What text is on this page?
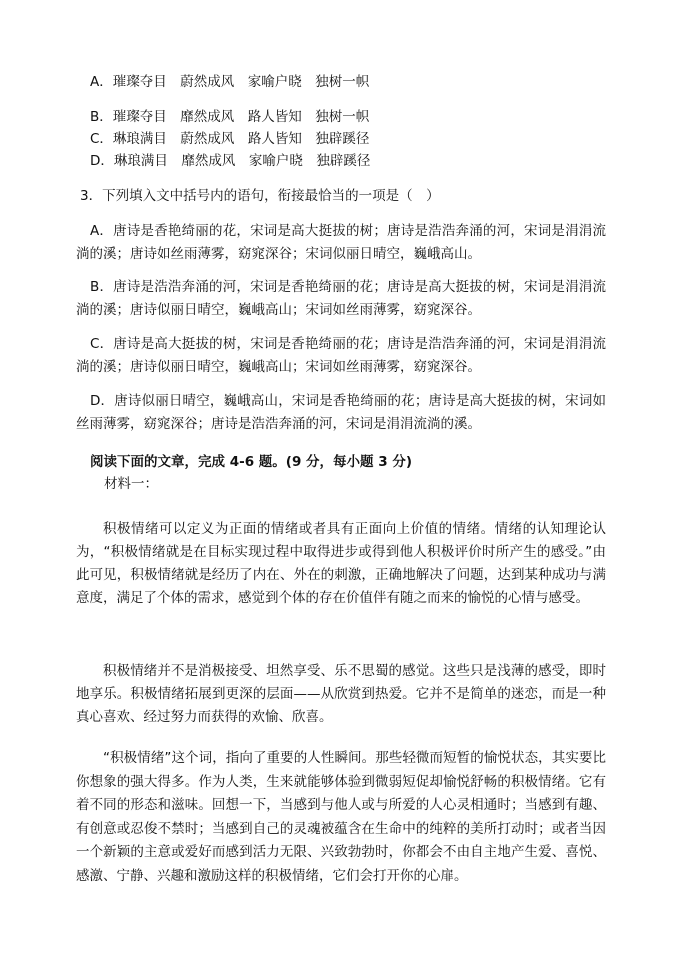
A．璀璨夺目　蔚然成风　家喻户晓　独树一帜
B．璀璨夺目　靡然成风　路人皆知　独树一帜
C．琳琅满目　蔚然成风　路人皆知　独辟蹊径
D．琳琅满目　靡然成风　家喻户晓　独辟蹊径
3．下列填入文中括号内的语句，衔接最恰当的一项是（　）
A．唐诗是香艳绮丽的花，宋词是高大挺拔的树；唐诗是浩浩奔涌的河，宋词是涓涓流淌的溪；唐诗如丝雨薄雾，窈窕深谷；宋词似丽日晴空，巍峨高山。
B．唐诗是浩浩奔涌的河，宋词是香艳绮丽的花；唐诗是高大挺拔的树，宋词是涓涓流淌的溪；唐诗似丽日晴空，巍峨高山；宋词如丝雨薄雾，窈窕深谷。
C．唐诗是高大挺拔的树，宋词是香艳绮丽的花；唐诗是浩浩奔涌的河，宋词是涓涓流淌的溪；唐诗似丽日晴空，巍峨高山；宋词如丝雨薄雾，窈窕深谷。
D．唐诗似丽日晴空，巍峨高山，宋词是香艳绮丽的花；唐诗是高大挺拔的树，宋词如丝雨薄雾，窈窕深谷；唐诗是浩浩奔涌的河，宋词是涓涓流淌的溪。
阅读下面的文章，完成 4-6 题。(9 分，每小题 3 分)
材料一：
积极情绪可以定义为正面的情绪或者具有正面向上价值的情绪。情绪的认知理论认为，“积极情绪就是在目标实现过程中取得进步或得到他人积极评价时所产生的感受。”由此可见，积极情绪就是经历了内在、外在的刺激，正确地解决了问题，达到某种成功与满意度，满足了个体的需求，感觉到个体的存在价值伴有随之而来的愉悦的心情与感受。
积极情绪并不是消极接受、坦然享受、乐不思蜀的感觉。这些只是浅薄的感受，即时地享乐。积极情绪拓展到更深的层面——从欣赏到热爱。它并不是简单的迷恋，而是一种真心喜欢、经过努力而获得的欢愉、欣喜。
“积极情绪”这个词，指向了重要的人性瞬间。那些轻微而短暂的愉悦状态，其实要比你想象的强大得多。作为人类，生来就能够体验到微弱短促却愉悦舒畅的积极情绪。它有着不同的形态和滋味。回想一下，当感到与他人或与所爱的人心灵相通时；当感到有趣、有创意或忍俊不禁时；当感到自己的灵魂被蕴含在生命中的纯粹的美所打动时；或者当因一个新颖的主意或爱好而感到活力无限、兴致勃勃时，你都会不由自主地产生爱、喜悦、感激、宁静、兴趣和激励这样的积极情绪，它们会打开你的心扉。
